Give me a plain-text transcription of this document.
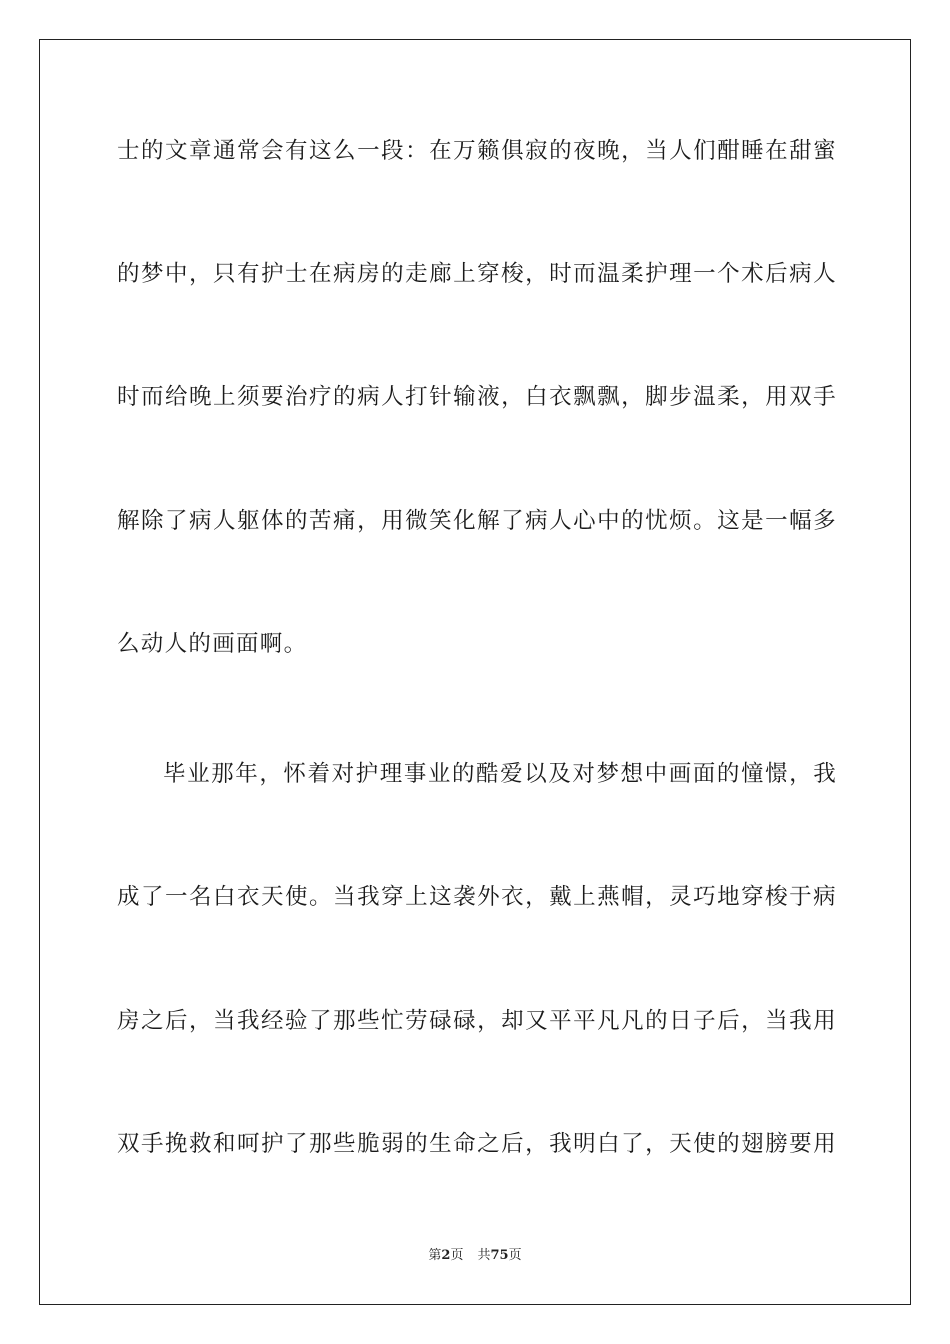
士的文章通常会有这么一段：在万籁俱寂的夜晚，当人们酣睡在甜蜜
的梦中，只有护士在病房的走廊上穿梭，时而温柔护理一个术后病人
时而给晚上须要治疗的病人打针输液，白衣飘飘，脚步温柔，用双手
解除了病人躯体的苦痛，用微笑化解了病人心中的忧烦。这是一幅多
么动人的画面啊。
毕业那年，怀着对护理事业的酷爱以及对梦想中画面的憧憬，我
成了一名白衣天使。当我穿上这袭外衣，戴上燕帽，灵巧地穿梭于病
房之后，当我经验了那些忙劳碌碌，却又平平凡凡的日子后，当我用
双手挽救和呵护了那些脆弱的生命之后，我明白了，天使的翅膀要用
第2页 共75页
